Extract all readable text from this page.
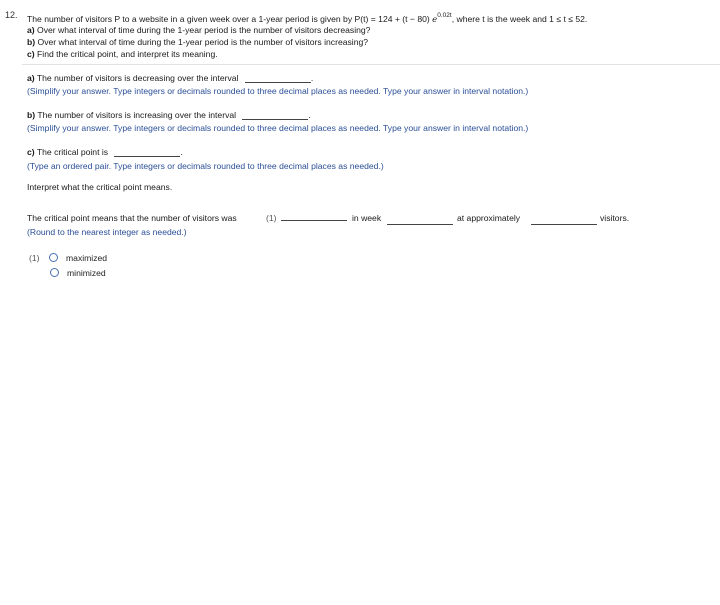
12. The number of visitors P to a website in a given week over a 1-year period is given by P(t) = 124 + (t − 80) $e^{0.02t}$, where t is the week and 1 ≤ t ≤ 52.
a) Over what interval of time during the 1-year period is the number of visitors decreasing?
b) Over what interval of time during the 1-year period is the number of visitors increasing?
c) Find the critical point, and interpret its meaning.
a) The number of visitors is decreasing over the interval	.
(Simplify your answer. Type integers or decimals rounded to three decimal places as needed. Type your answer in interval notation.)
b) The number of visitors is increasing over the interval	.
(Simplify your answer. Type integers or decimals rounded to three decimal places as needed. Type your answer in interval notation.)
c) The critical point is	.
(Type an ordered pair. Type integers or decimals rounded to three decimal places as needed.)
Interpret what the critical point means.
The critical point means that the number of visitors was	(1)	in week	at approximately	visitors.
(Round to the nearest integer as needed.)
(1)	maximized
minimized
